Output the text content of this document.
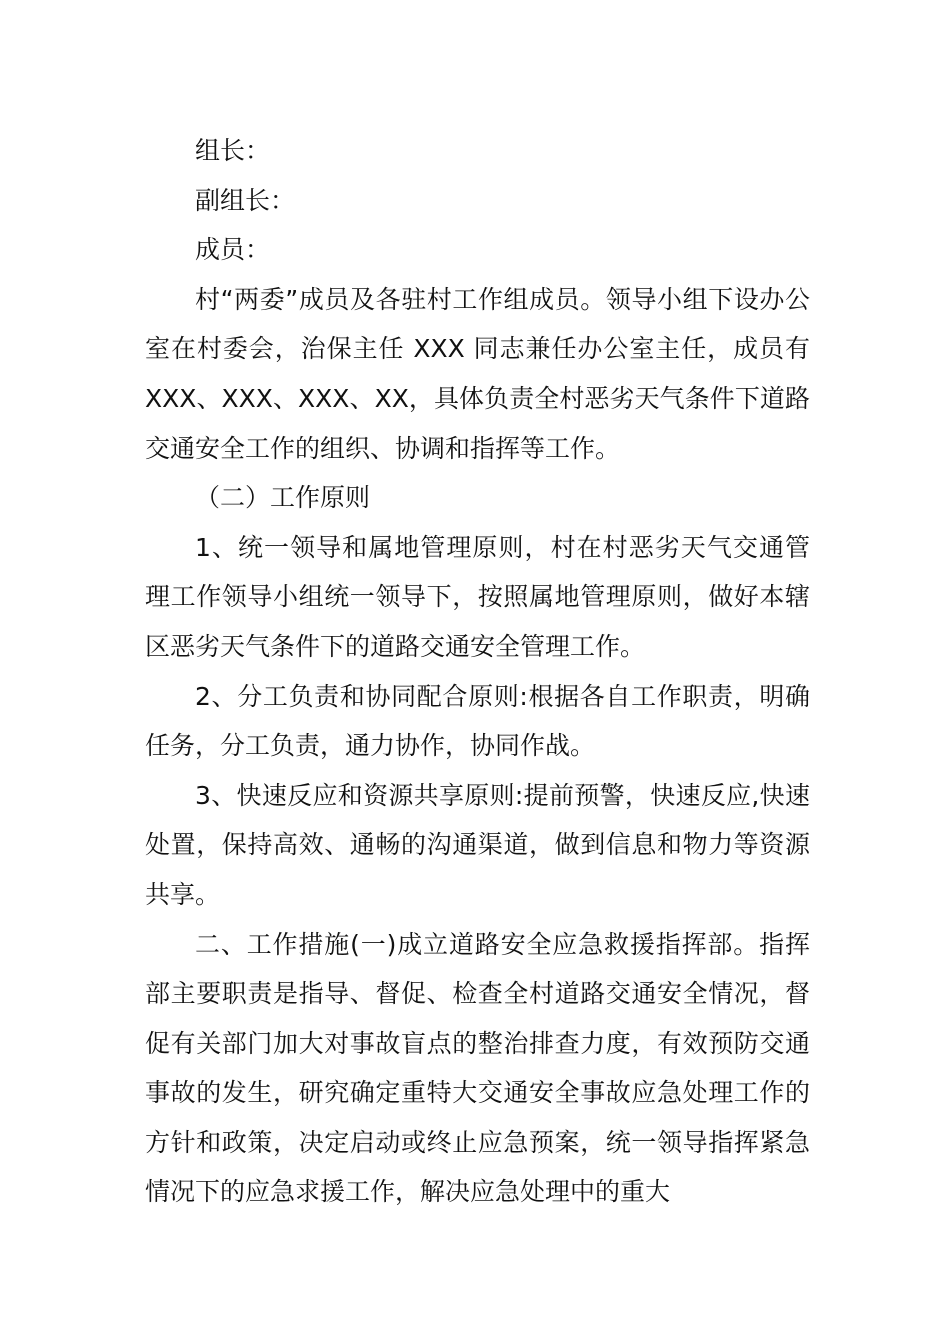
组长：

副组长：

成员：

村“两委”成员及各驻村工作组成员。领导小组下设办公室在村委会，治保主任 XXX 同志兼任办公室主任，成员有 XXX、XXX、XXX、XX，具体负责全村恶劣天气条件下道路交通安全工作的组织、协调和指挥等工作。

（二）工作原则

1、统一领导和属地管理原则，村在村恶劣天气交通管理工作领导小组统一领导下，按照属地管理原则，做好本辖区恶劣天气条件下的道路交通安全管理工作。

2、分工负责和协同配合原则:根据各自工作职责，明确任务，分工负责，通力协作，协同作战。

3、快速反应和资源共享原则:提前预警，快速反应,快速处置，保持高效、通畅的沟通渠道，做到信息和物力等资源共享。

二、工作措施(一)成立道路安全应急救援指挥部。指挥部主要职责是指导、督促、检查全村道路交通安全情况，督促有关部门加大对事故盲点的整治排查力度，有效预防交通事故的发生，研究确定重特大交通安全事故应急处理工作的方针和政策，决定启动或终止应急预案，统一领导指挥紧急情况下的应急求援工作，解决应急处理中的重大
